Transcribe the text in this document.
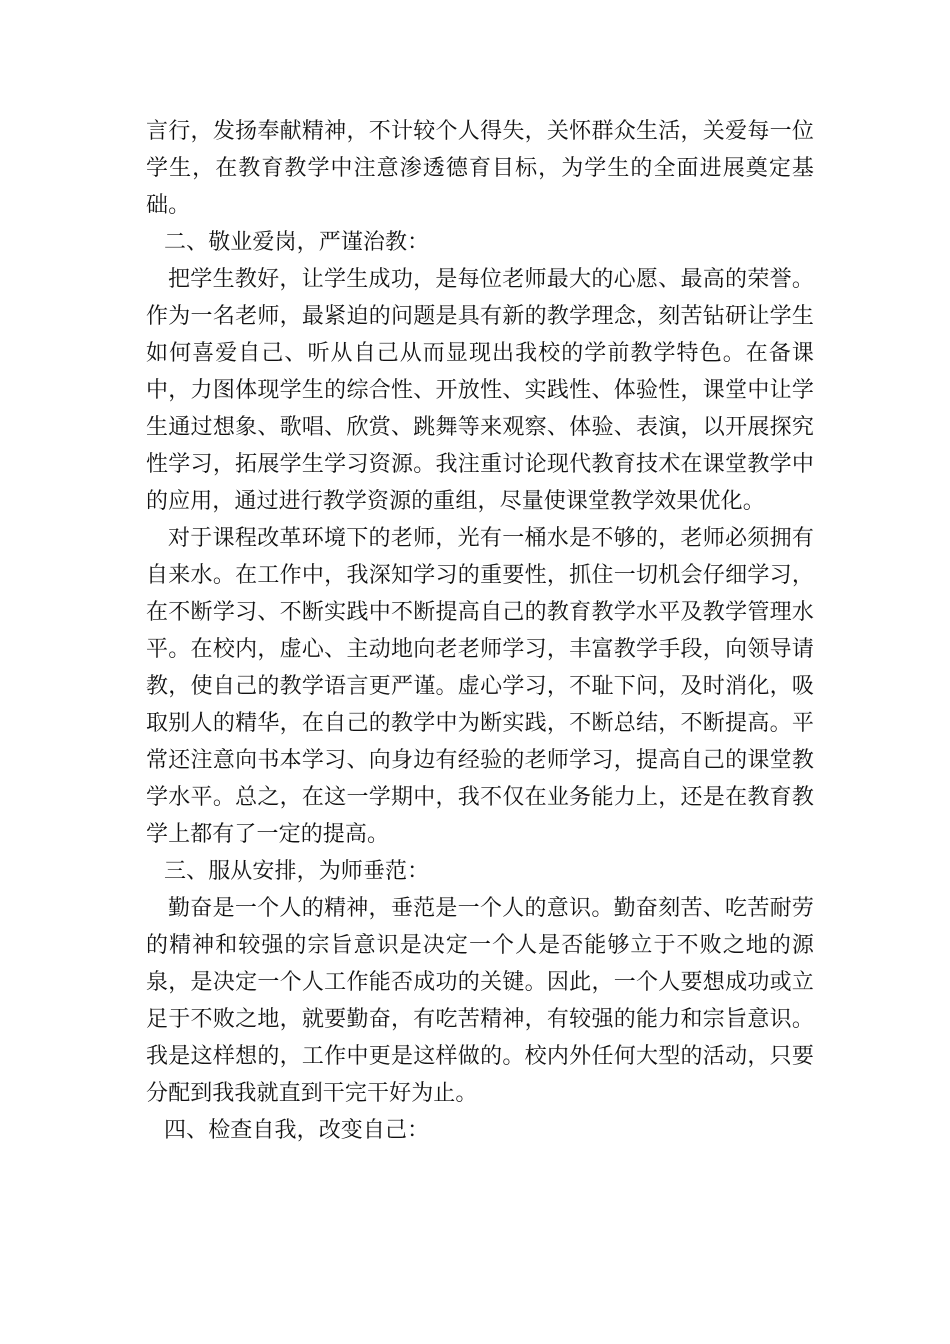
言行，发扬奉献精神，不计较个人得失，关怀群众生活，关爱每一位学生，在教育教学中注意渗透德育目标，为学生的全面进展奠定基础。

二、敬业爱岗，严谨治教：

把学生教好，让学生成功，是每位老师最大的心愿、最高的荣誉。作为一名老师，最紧迫的问题是具有新的教学理念，刻苦钻研让学生如何喜爱自己、听从自己从而显现出我校的学前教学特色。在备课中，力图体现学生的综合性、开放性、实践性、体验性，课堂中让学生通过想象、歌唱、欣赏、跳舞等来观察、体验、表演，以开展探究性学习，拓展学生学习资源。我注重讨论现代教育技术在课堂教学中的应用，通过进行教学资源的重组，尽量使课堂教学效果优化。

对于课程改革环境下的老师，光有一桶水是不够的，老师必须拥有自来水。在工作中，我深知学习的重要性，抓住一切机会仔细学习，在不断学习、不断实践中不断提高自己的教育教学水平及教学管理水平。在校内，虚心、主动地向老老师学习，丰富教学手段，向领导请教，使自己的教学语言更严谨。虚心学习，不耻下问，及时消化，吸取别人的精华，在自己的教学中为断实践，不断总结，不断提高。平常还注意向书本学习、向身边有经验的老师学习，提高自己的课堂教学水平。总之，在这一学期中，我不仅在业务能力上，还是在教育教学上都有了一定的提高。

三、服从安排，为师垂范：

勤奋是一个人的精神，垂范是一个人的意识。勤奋刻苦、吃苦耐劳的精神和较强的宗旨意识是决定一个人是否能够立于不败之地的源泉，是决定一个人工作能否成功的关键。因此，一个人要想成功或立足于不败之地，就要勤奋，有吃苦精神，有较强的能力和宗旨意识。我是这样想的，工作中更是这样做的。校内外任何大型的活动，只要分配到我我就直到干完干好为止。

四、检查自我，改变自己：
